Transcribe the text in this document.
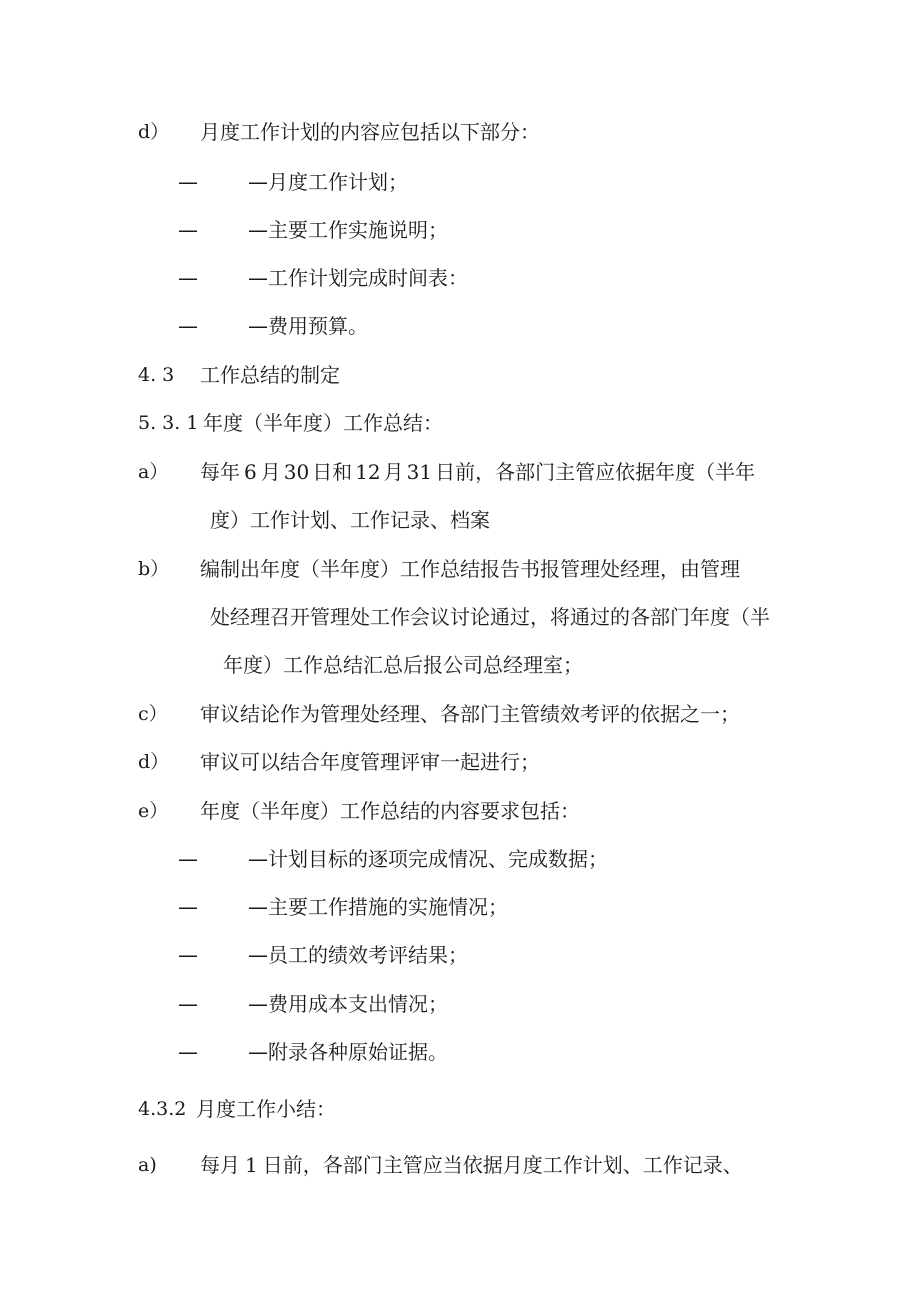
d） 月度工作计划的内容应包括以下部分：
—	—月度工作计划；
—	—主要工作实施说明；
—	—工作计划完成时间表：
—	—费用预算。
4. 3 工作总结的制定
5. 3. 1 年度（半年度）工作总结：
a） 每年 6 月 30 日和 12 月 31 日前，各部门主管应依据年度（半年
度）工作计划、工作记录、档案
b） 编制出年度（半年度）工作总结报告书报管理处经理，由管理
处经理召开管理处工作会议讨论通过，将通过的各部门年度（半
年度）工作总结汇总后报公司总经理室；
c） 审议结论作为管理处经理、各部门主管绩效考评的依据之一；
d） 审议可以结合年度管理评审一起进行；
e） 年度（半年度）工作总结的内容要求包括：
—	—计划目标的逐项完成情况、完成数据；
—	—主要工作措施的实施情况；
—	—员工的绩效考评结果；
—	—费用成本支出情况；
—	—附录各种原始证据。
4.3.2 月度工作小结：
a) 每月 1 日前，各部门主管应当依据月度工作计划、工作记录、
